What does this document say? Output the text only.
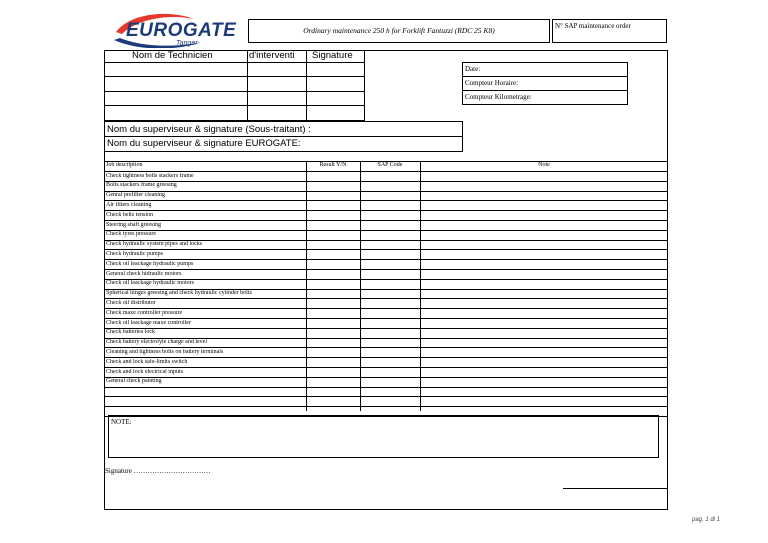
EUROGATE
Tanger
Ordinary maintenance 250 h for Forklift Fantuzzi (RDC 25 K8)	N° SAP maintenance order
Nom de Technicien	d'interventi	Signature
Date:
Compteur Horaire:
Compteur Kilometrage:
Nom du superviseur & signature (Sous-traitant) :
Nom du superviseur & signature EUROGATE:
Job description	Result Y/N	SAP Code	Note
Check tightness bolts stackers frame
Bolts stackers frame greesing
Genral prefilter cleaning
Air filters cleaning
Check belts tension
Steering shaft greesing
Check tyres pressure
Check hydraulic system pipes and locks
Check hydraulic pumps
Check oil leackage hydraulic pumps
General check hidraulic motors
Check oil leackage hydraulic motors
Spherical hinges greesing and check hydraulic cylinder bolts
Check oil distributor
Check maxe controller pressure
Check oil leackage maxe controller
Check batteries lock
Check battery electrolyte charge and level
Cleaning and tightness bolts on battery terminals
Check and lock safe-limits switch
Check and lock electrical inputs
General check painting
NOTE:
Signature ……………………………
pag. 1 di 1
